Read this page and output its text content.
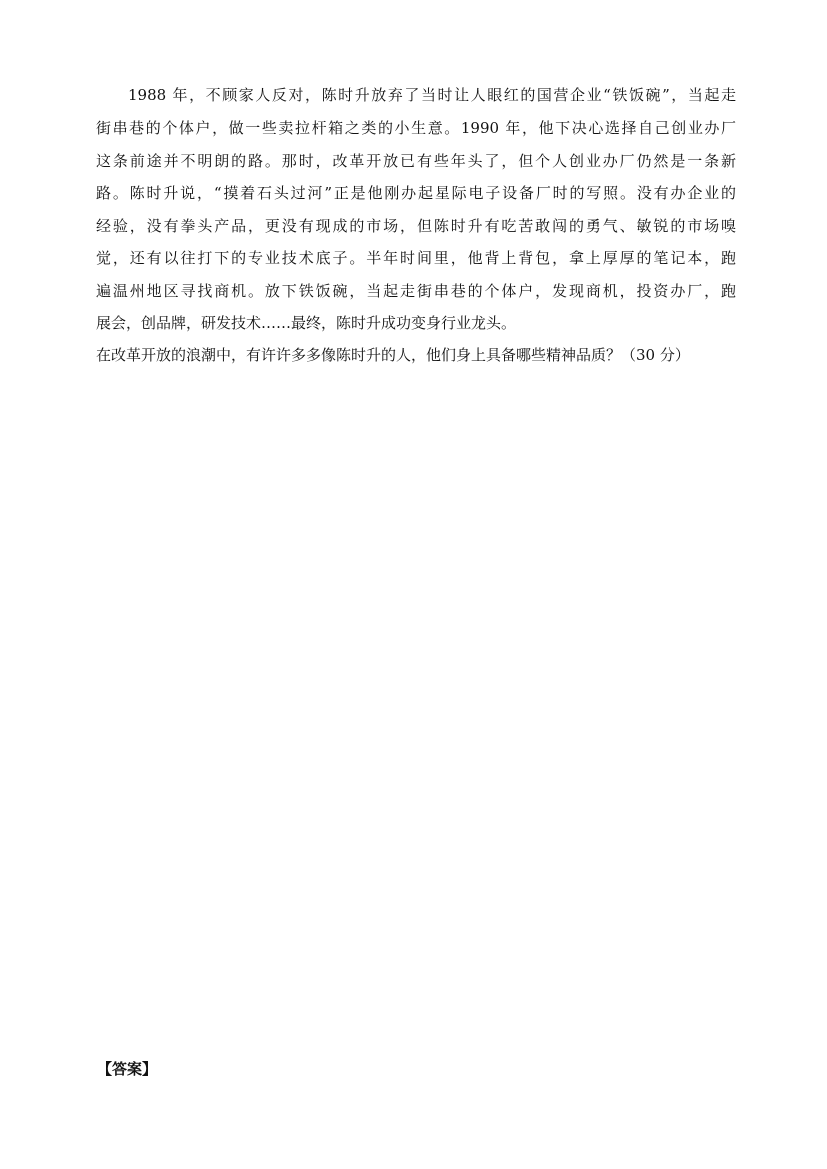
1988 年，不顾家人反对，陈时升放弃了当时让人眼红的国营企业“铁饭碗”，当起走
街串巷的个体户，做一些卖拉杆箱之类的小生意。1990 年，他下决心选择自己创业办厂
这条前途并不明朗的路。那时，改革开放已有些年头了，但个人创业办厂仍然是一条新
路。陈时升说，“摸着石头过河”正是他刚办起星际电子设备厂时的写照。没有办企业的
经验，没有拳头产品，更没有现成的市场，但陈时升有吃苦敢闯的勇气、敏锐的市场嗅
觉，还有以往打下的专业技术底子。半年时间里，他背上背包，拿上厚厚的笔记本，跑
遍温州地区寻找商机。放下铁饭碗，当起走街串巷的个体户，发现商机，投资办厂，跑
展会，创品牌，研发技术……最终，陈时升成功变身行业龙头。
在改革开放的浪潮中，有许许多多像陈时升的人，他们身上具备哪些精神品质？（30 分）
【答案】
